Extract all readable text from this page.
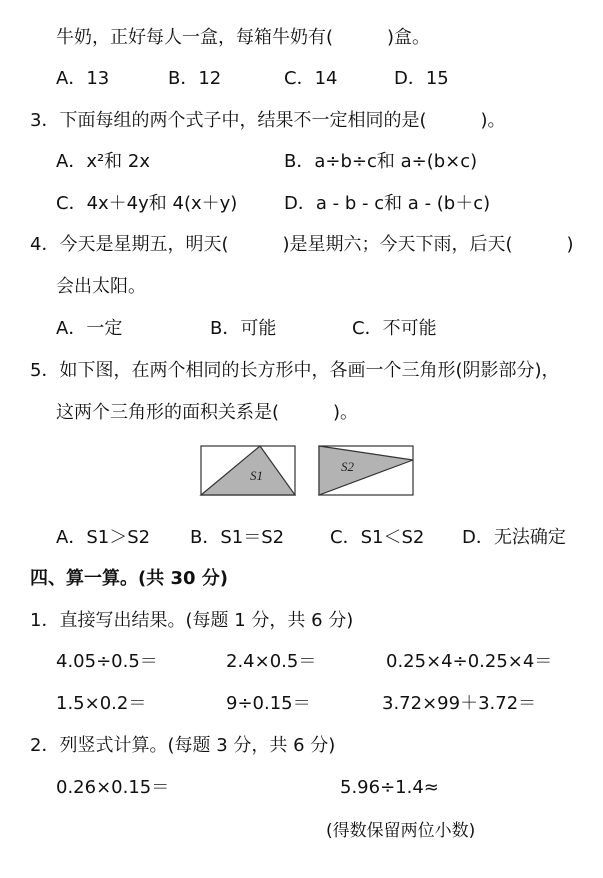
牛奶，正好每人一盒，每箱牛奶有(　　　)盒。
A．13	B．12	C．14	D．15
3．下面每组的两个式子中，结果不一定相同的是(　　　)。
A．x²和 2x	B．a÷b÷c和 a÷(b×c)
C．4x＋4y和 4(x＋y)	D．a - b - c和 a - (b＋c)
4．今天是星期五，明天(　　　)是星期六；今天下雨，后天(　　　)
会出太阳。
A．一定	B．可能	C．不可能
5．如下图，在两个相同的长方形中，各画一个三角形(阴影部分)，
这两个三角形的面积关系是(　　　)。
S1
S2
A．S1＞S2 B．S1＝S2	C．S1＜S2 D．无法确定
四、算一算。(共 30 分)
1．直接写出结果。(每题 1 分，共 6 分)
4.05÷0.5＝	2.4×0.5＝	0.25×4÷0.25×4＝
1.5×0.2＝	9÷0.15＝	3.72×99＋3.72＝
2．列竖式计算。(每题 3 分，共 6 分)
0.26×0.15＝	5.96÷1.4≈
(得数保留两位小数)
